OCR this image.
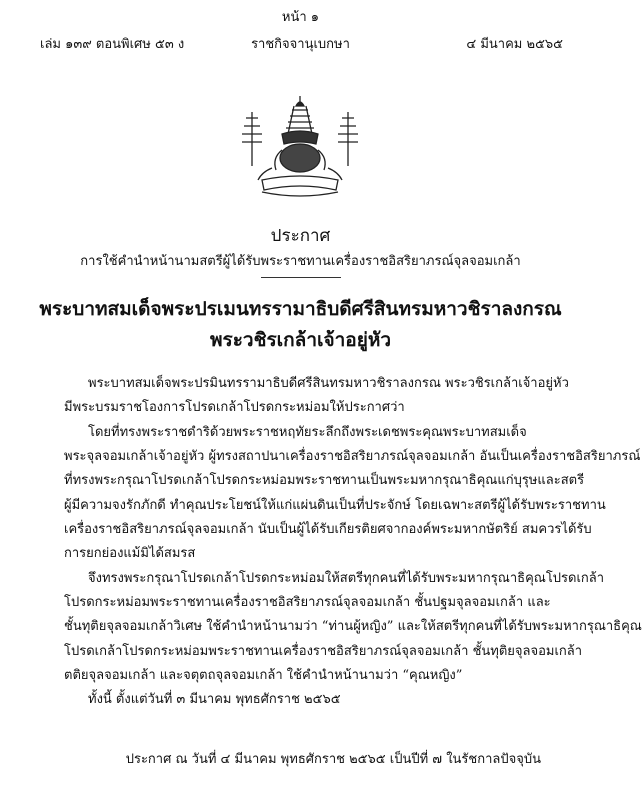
หน้า ๑
เล่ม ๑๓๙ ตอนพิเศษ ๕๓ ง	ราชกิจจานุเบกษา	๔ มีนาคม ๒๕๖๕
ประกาศ
การใช้คำนำหน้านามสตรีผู้ได้รับพระราชทานเครื่องราชอิสริยาภรณ์จุลจอมเกล้า
พระบาทสมเด็จพระปรเมนทรรามาธิบดีศรีสินทรมหาวชิราลงกรณ
พระวชิรเกล้าเจ้าอยู่หัว
พระบาทสมเด็จพระปรมินทรรามาธิบดีศรีสินทรมหาวชิราลงกรณ พระวชิรเกล้าเจ้าอยู่หัว
มีพระบรมราชโองการโปรดเกล้าโปรดกระหม่อมให้ประกาศว่า
โดยที่ทรงพระราชดำริด้วยพระราชหฤทัยระลึกถึงพระเดชพระคุณพระบาทสมเด็จ
พระจุลจอมเกล้าเจ้าอยู่หัว ผู้ทรงสถาปนาเครื่องราชอิสริยาภรณ์จุลจอมเกล้า อันเป็นเครื่องราชอิสริยาภรณ์
ที่ทรงพระกรุณาโปรดเกล้าโปรดกระหม่อมพระราชทานเป็นพระมหากรุณาธิคุณแก่บุรุษและสตรี
ผู้มีความจงรักภักดี ทำคุณประโยชน์ให้แก่แผ่นดินเป็นที่ประจักษ์ โดยเฉพาะสตรีผู้ได้รับพระราชทาน
เครื่องราชอิสริยาภรณ์จุลจอมเกล้า นับเป็นผู้ได้รับเกียรติยศจากองค์พระมหากษัตริย์ สมควรได้รับ
การยกย่องแม้มิได้สมรส
จึงทรงพระกรุณาโปรดเกล้าโปรดกระหม่อมให้สตรีทุกคนที่ได้รับพระมหากรุณาธิคุณโปรดเกล้า
โปรดกระหม่อมพระราชทานเครื่องราชอิสริยาภรณ์จุลจอมเกล้า ชั้นปฐมจุลจอมเกล้า และ
ชั้นทุติยจุลจอมเกล้าวิเศษ ใช้คำนำหน้านามว่า “ท่านผู้หญิง” และให้สตรีทุกคนที่ได้รับพระมหากรุณาธิคุณ
โปรดเกล้าโปรดกระหม่อมพระราชทานเครื่องราชอิสริยาภรณ์จุลจอมเกล้า ชั้นทุติยจุลจอมเกล้า
ตติยจุลจอมเกล้า และจตุตถจุลจอมเกล้า ใช้คำนำหน้านามว่า “คุณหญิง”
ทั้งนี้ ตั้งแต่วันที่ ๓ มีนาคม พุทธศักราช ๒๕๖๕
ประกาศ ณ วันที่ ๔ มีนาคม พุทธศักราช ๒๕๖๕ เป็นปีที่ ๗ ในรัชกาลปัจจุบัน
